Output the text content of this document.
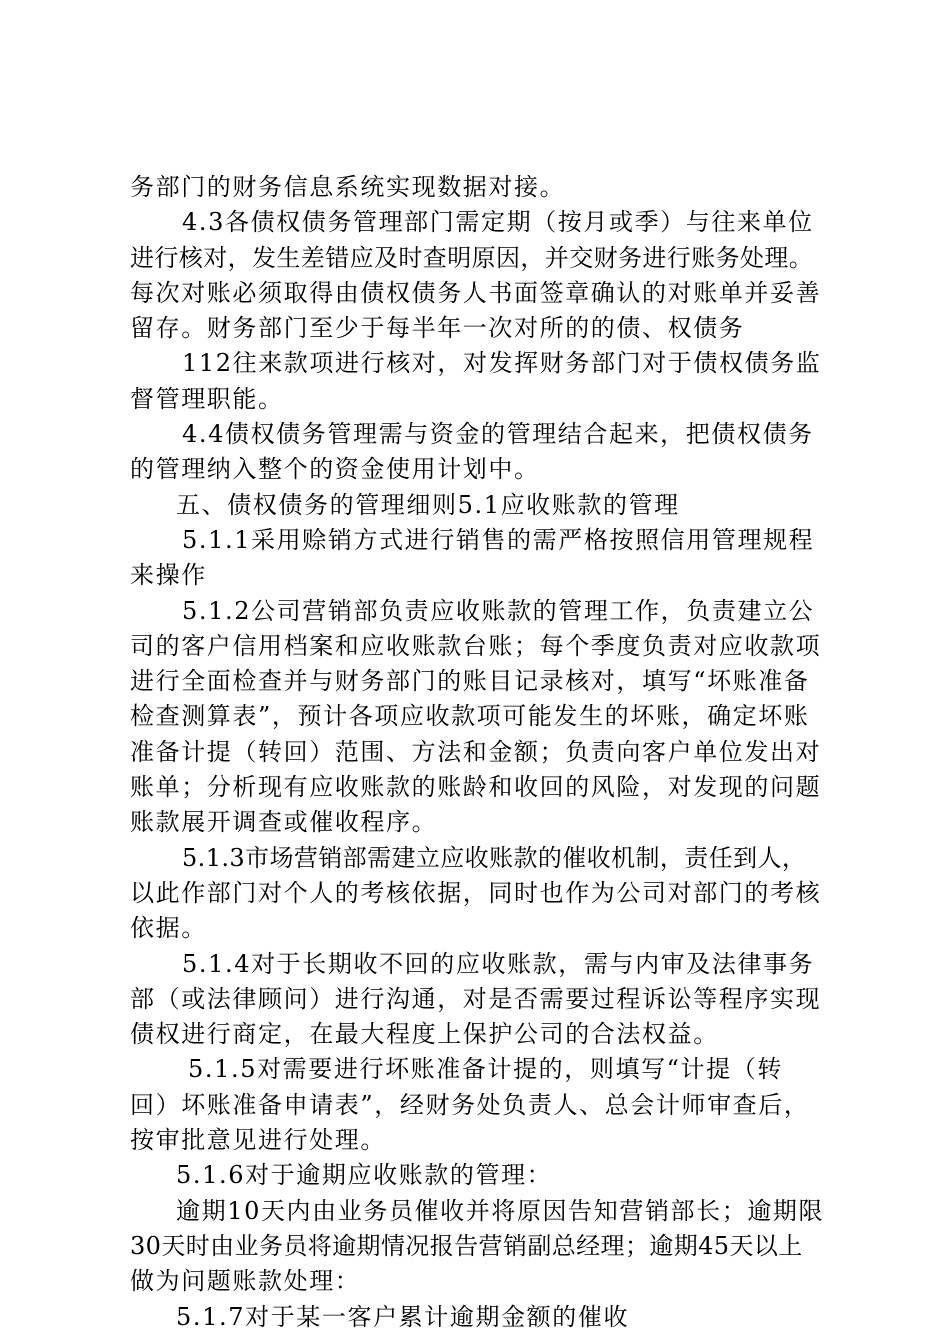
务部门的财务信息系统实现数据对接。
4.3各债权债务管理部门需定期（按月或季）与往来单位
进行核对，发生差错应及时查明原因，并交财务进行账务处理。
每次对账必须取得由债权债务人书面签章确认的对账单并妥善
留存。财务部门至少于每半年一次对所的的债、权债务
112往来款项进行核对，对发挥财务部门对于债权债务监
督管理职能。
4.4债权债务管理需与资金的管理结合起来，把债权债务
的管理纳入整个的资金使用计划中。
五、债权债务的管理细则5.1应收账款的管理
5.1.1采用赊销方式进行销售的需严格按照信用管理规程
来操作
5.1.2公司营销部负责应收账款的管理工作，负责建立公
司的客户信用档案和应收账款台账；每个季度负责对应收款项
进行全面检查并与财务部门的账目记录核对，填写“坏账准备
检查测算表”，预计各项应收款项可能发生的坏账，确定坏账
准备计提（转回）范围、方法和金额；负责向客户单位发出对
账单；分析现有应收账款的账龄和收回的风险，对发现的问题
账款展开调查或催收程序。
5.1.3市场营销部需建立应收账款的催收机制，责任到人，
以此作部门对个人的考核依据，同时也作为公司对部门的考核
依据。
5.1.4对于长期收不回的应收账款，需与内审及法律事务
部（或法律顾问）进行沟通，对是否需要过程诉讼等程序实现
债权进行商定，在最大程度上保护公司的合法权益。
5.1.5对需要进行坏账准备计提的，则填写“计提（转
回）坏账准备申请表”，经财务处负责人、总会计师审查后，
按审批意见进行处理。
5.1.6对于逾期应收账款的管理：
逾期10天内由业务员催收并将原因告知营销部长；逾期限
30天时由业务员将逾期情况报告营销副总经理；逾期45天以上
做为问题账款处理：
5.1.7对于某一客户累计逾期金额的催收
